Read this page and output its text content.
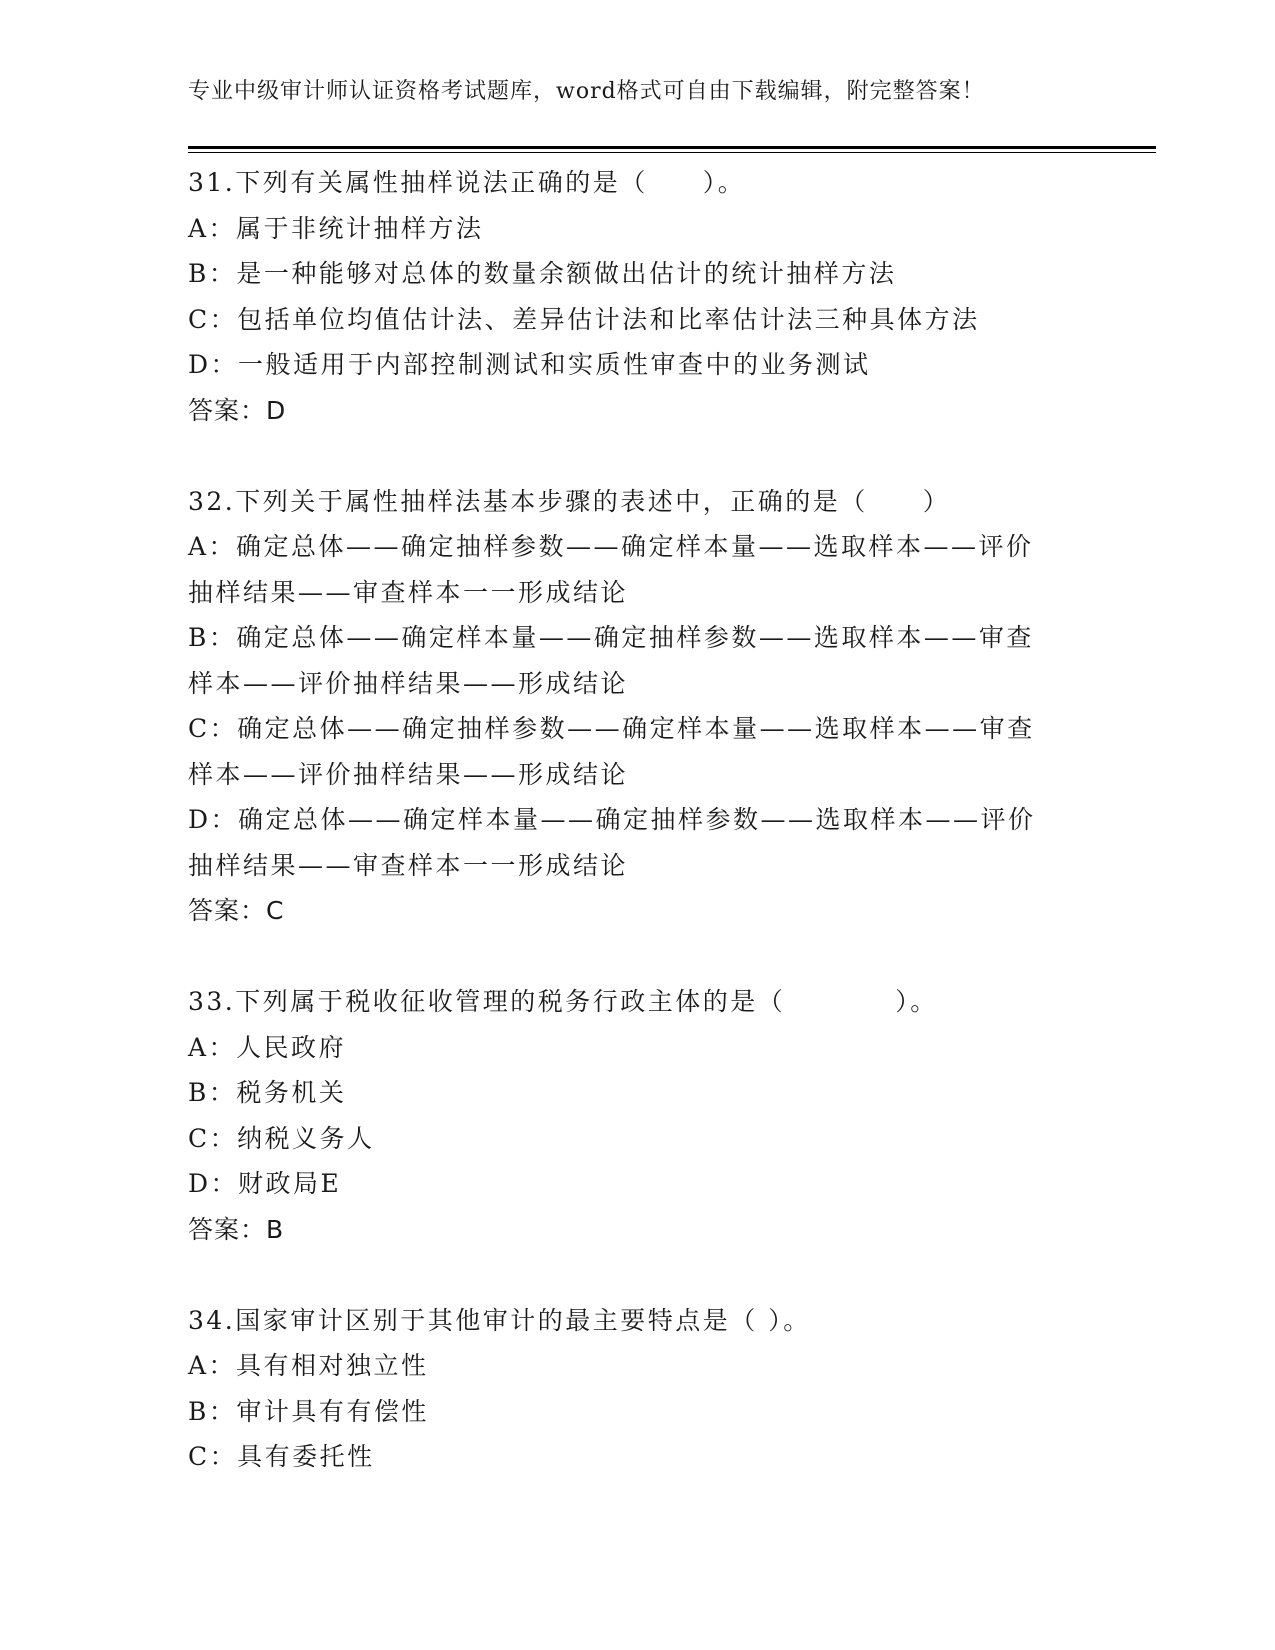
专业中级审计师认证资格考试题库，word格式可自由下载编辑，附完整答案！
31.下列有关属性抽样说法正确的是（　　）。
A：属于非统计抽样方法
B：是一种能够对总体的数量余额做出估计的统计抽样方法
C：包括单位均值估计法、差异估计法和比率估计法三种具体方法
D：一般适用于内部控制测试和实质性审查中的业务测试
答案：D
32.下列关于属性抽样法基本步骤的表述中，正确的是（　　）
A：确定总体——确定抽样参数——确定样本量——选取样本——评价
抽样结果——审查样本一一形成结论
B：确定总体——确定样本量——确定抽样参数——选取样本——审查
样本——评价抽样结果——形成结论
C：确定总体——确定抽样参数——确定样本量——选取样本——审查
样本——评价抽样结果——形成结论
D：确定总体——确定样本量——确定抽样参数——选取样本——评价
抽样结果——审查样本一一形成结论
答案：C
33.下列属于税收征收管理的税务行政主体的是（　　　　）。
A：人民政府
B：税务机关
C：纳税义务人
D：财政局E
答案：B
34.国家审计区别于其他审计的最主要特点是（ ）。
A：具有相对独立性
B：审计具有有偿性
C：具有委托性
